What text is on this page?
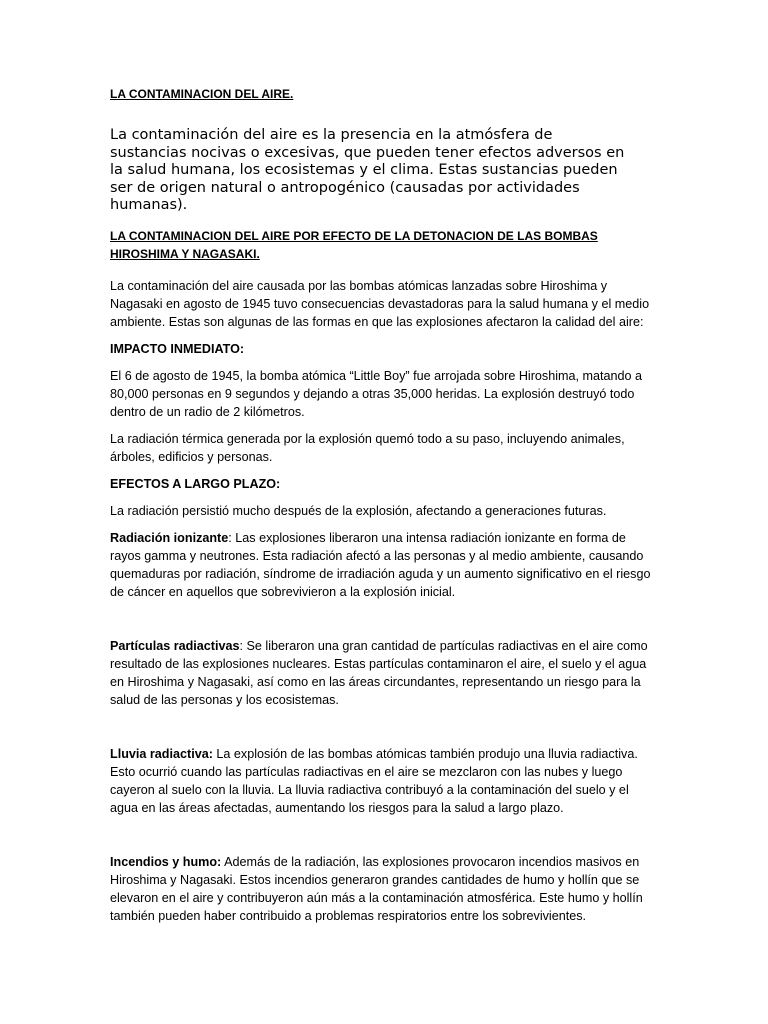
LA CONTAMINACION DEL AIRE.

La contaminación del aire es la presencia en la atmósfera de sustancias nocivas o excesivas, que pueden tener efectos adversos en la salud humana, los ecosistemas y el clima. Estas sustancias pueden ser de origen natural o antropogénico (causadas por actividades humanas).

LA CONTAMINACION DEL AIRE POR EFECTO DE LA DETONACION DE LAS BOMBAS HIROSHIMA Y NAGASAKI.

La contaminación del aire causada por las bombas atómicas lanzadas sobre Hiroshima y Nagasaki en agosto de 1945 tuvo consecuencias devastadoras para la salud humana y el medio ambiente. Estas son algunas de las formas en que las explosiones afectaron la calidad del aire:

IMPACTO INMEDIATO:

El 6 de agosto de 1945, la bomba atómica “Little Boy” fue arrojada sobre Hiroshima, matando a 80,000 personas en 9 segundos y dejando a otras 35,000 heridas. La explosión destruyó todo dentro de un radio de 2 kilómetros.

La radiación térmica generada por la explosión quemó todo a su paso, incluyendo animales, árboles, edificios y personas.

EFECTOS A LARGO PLAZO:

La radiación persistió mucho después de la explosión, afectando a generaciones futuras.

Radiación ionizante: Las explosiones liberaron una intensa radiación ionizante en forma de rayos gamma y neutrones. Esta radiación afectó a las personas y al medio ambiente, causando quemaduras por radiación, síndrome de irradiación aguda y un aumento significativo en el riesgo de cáncer en aquellos que sobrevivieron a la explosión inicial.

Partículas radiactivas: Se liberaron una gran cantidad de partículas radiactivas en el aire como resultado de las explosiones nucleares. Estas partículas contaminaron el aire, el suelo y el agua en Hiroshima y Nagasaki, así como en las áreas circundantes, representando un riesgo para la salud de las personas y los ecosistemas.

Lluvia radiactiva: La explosión de las bombas atómicas también produjo una lluvia radiactiva. Esto ocurrió cuando las partículas radiactivas en el aire se mezclaron con las nubes y luego cayeron al suelo con la lluvia. La lluvia radiactiva contribuyó a la contaminación del suelo y el agua en las áreas afectadas, aumentando los riesgos para la salud a largo plazo.

Incendios y humo: Además de la radiación, las explosiones provocaron incendios masivos en Hiroshima y Nagasaki. Estos incendios generaron grandes cantidades de humo y hollín que se elevaron en el aire y contribuyeron aún más a la contaminación atmosférica. Este humo y hollín también pueden haber contribuido a problemas respiratorios entre los sobrevivientes.
